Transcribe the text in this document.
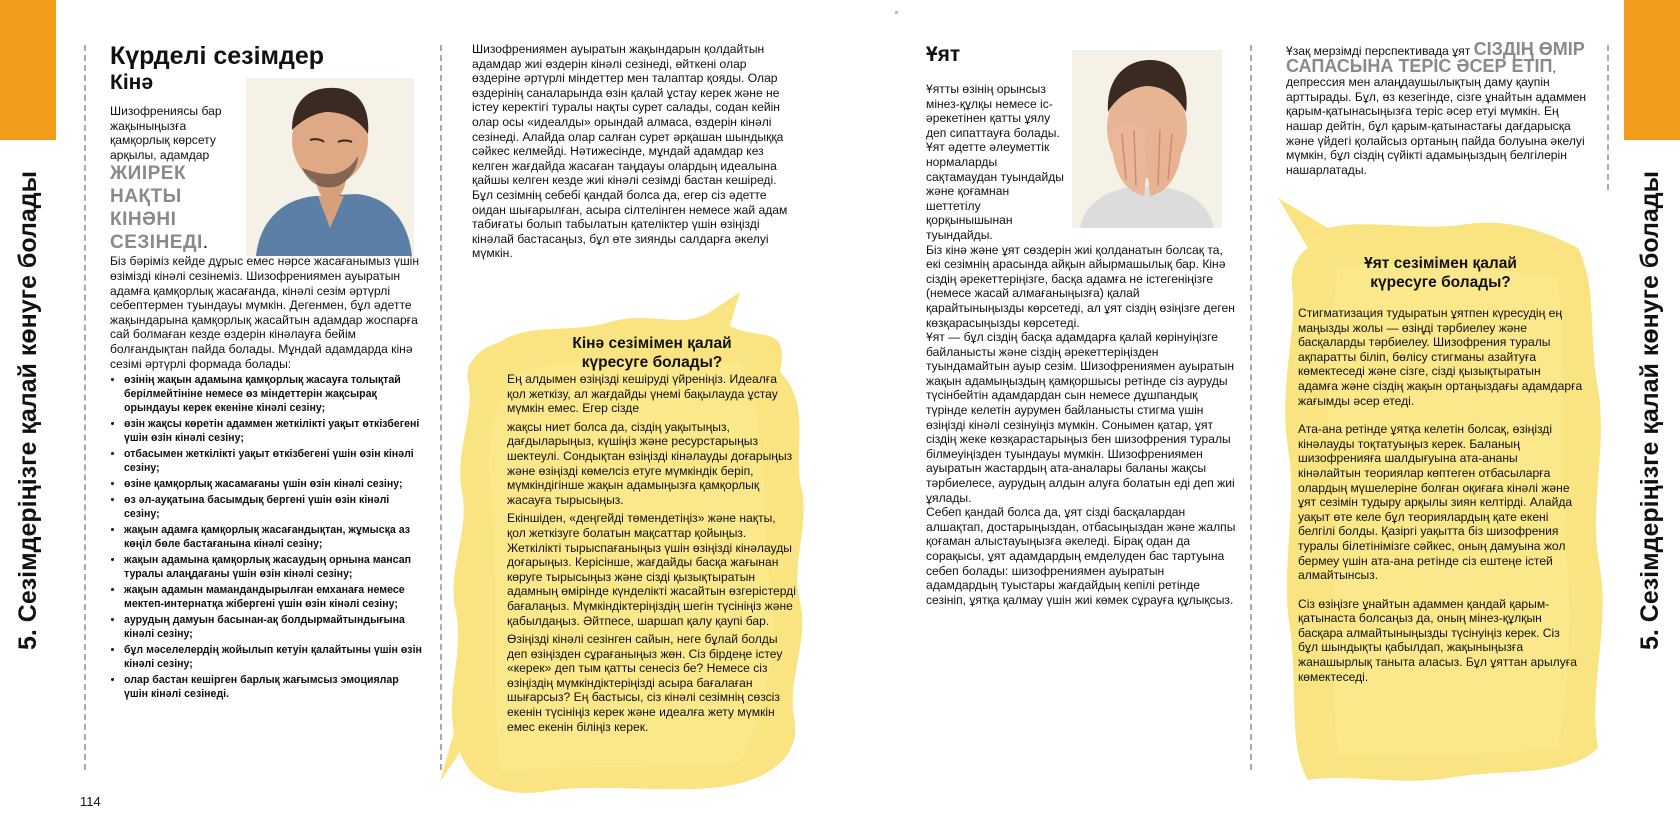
5. Сезімдеріңізге қалай көнуге болады	5. Сезімдеріңізге қалай көнуге болады
Күрделі сезімдер
Кінә

Шизофренияcы бар жақыныңызға қамқорлық көрсету арқылы, адамдар

ЖИІРЕК
НАҚТЫ
КІНӘНІ
СЕЗІНЕДІ.

Біз бәріміз кейде дұрыс емес нәрсе жасағанымыз үшін өзімізді кінәлі сезінеміз. Шизофрениямен ауыратын адамға қамқорлық жасағанда, кінәлі сезім әртүрлі себептермен туындауы мүмкін. Дегенмен, бұл әдетте жақындарына қамқорлық жасайтын адамдар жоспарға сай болмаған кезде өздерін кінәлауға бейім болғандықтан пайда болады. Мұндай адамдарда кінә сезімі әртүрлі формада болады:

• өзінің жақын адамына қамқорлық жасауға толықтай берілмейтініне немесе өз міндеттерін жақсырақ орындауы керек екеніне кінәлі сезіну;
• өзін жақсы көретін адаммен жеткілікті уақыт өткізбегені үшін өзін кінәлі сезіну;
• отбасымен жеткілікті уақыт өткізбегені үшін өзін кінәлі сезіну;
• өзіне қамқорлық жасамағаны үшін өзін кінәлі сезіну;
• өз әл-ауқатына басымдық бергені үшін өзін кінәлі сезіну;
• жақын адамға қамқорлық жасағандықтан, жұмысқа аз көңіл бөле бастағанына кінәлі сезіну;
• жақын адамына қамқорлық жасаудың орнына мансап туралы алаңдағаны үшін өзін кінәлі сезіну;
• жақын адамын мамандандырылған емханаға немесе мектеп-интернатқа жібергені үшін өзін кінәлі сезіну;
• аурудың дамуын басынан-ақ болдырмайтындығына кінәлі сезіну;
• бұл мәселелердің жойылып кетуін қалайтыны үшін өзін кінәлі сезіну;
• олар бастан кешірген барлық жағымсыз эмоциялар үшін кінәлі сезінеді.

Шизофрениямен ауыратын жақындарын қолдайтын адамдар жиі өздерін кінәлі сезінеді, өйткені олар өздеріне әртүрлі міндеттер мен талаптар қояды. Олар өздерінің саналарында өзін қалай ұстау керек және не істеу керектігі туралы нақты сурет салады, содан кейін олар осы «идеалды» орындай алмаса, өздерін кінәлі сезінеді. Алайда олар салған сурет әрқашан шындыққа сәйкес келмейді. Нәтижесінде, мұндай адамдар кез келген жағдайда жасаған таңдауы олардың идеалына қайшы келген кезде жиі кінәлі сезімді бастан кешіреді. Бұл сезімнің себебі қандай болса да, егер сіз әдетте оидан шығарылған, асыра сілтелінген немесе жай адам табиғаты болып табылатын қателіктер үшін өзіңізді кінәлай бастасаңыз, бұл өте зиянды салдарға әкелуі мүмкін.

Кінә сезімімен қалай
күресуге болады?

Ең алдымен өзіңізді кешіруді үйреніңіз. Идеалға қол жеткізу, ал жағдайды үнемі бақылауда ұстау мүмкін емес. Егер сізде

жақсы ниет болса да, сіздің уақытыңыз, дағдыларыңыз, күшіңіз және ресурстарыңыз шектеулі. Сондықтан өзіңізді кінәлауды доғарыңыз және өзіңізді көмелсіз етуге мүмкіндік беріп, мүмкіндігінше жақын адамыңызға қамқорлық жасауға тырысыңыз.

Екіншіден, «деңгейді төмендетіңіз» және нақты, қол жеткізуге болатын мақсаттар қойыңыз. Жеткілікті тырыспағаныңыз үшін өзіңізді кінәлауды доғарыңыз. Керісінше, жағдайды басқа жағынан көруге тырысыңыз және сізді қызықтыратын адамның өмірінде күнделікті жасайтын өзгерістерді бағалаңыз. Мүмкіндіктеріңіздің шегін түсініңіз және қабылдаңыз. Әйтпесе, шаршап қалу қаупі бар.

Өзіңізді кінәлі сезінген сайын, неге бұлай болды деп өзіңізден сұрағаныңыз жөн. Сіз бірдеңе істеу «керек» деп тым қатты сенесіз бе? Немесе сіз өзіңіздің мүмкіндіктеріңізді асыра бағалаған шығарсыз? Ең бастысы, сіз кінәлі сезімнің сөзсіз екенін түсініңіз керек және идеалға жету мүмкін емес екенін біліңіз керек.

114
Ұят

Ұятты өзінің орынсыз мінез-құлқы немесе іс-әрекетінен қатты ұялу деп сипаттауға болады. Ұят әдетте әлеуметтік нормаларды сақтамаудан туындайды және қоғамнан шеттетілу қорқынышынан туындайды.

Біз кінә және ұят сөздерін жиі қолданатын болсақ та, екі сезімнің арасында айқын айырмашылық бар. Кінә сіздің әрекеттеріңізге, басқа адамға не істегеніңізге (немесе жасай алмағаныңызға) қалай қарайтыныңызды көрсетеді, ал ұят сіздің өзіңізге деген көзқарасыңызды көрсетеді.
Ұят — бұл сіздің басқа адамдарға қалай көрінуіңізге байланысты және сіздің әрекеттеріңізден туындамайтын ауыр сезім. Шизофрениямен ауыратын жақын адамыңыздың қамқоршысы ретінде сіз ауруды түсінбейтін адамдардан сын немесе дұшпандық түрінде келетін аурумен байланысты стигма үшін өзіңізді кінәлі сезінуіңіз мүмкін. Сонымен қатар, ұят сіздің жеке көзқарастарыңыз бен шизофрения туралы білмеуіңізден туындауы мүмкін. Шизофрениямен ауыратын жастардың ата-аналары баланы жақсы тәрбиелесе, аурудың алдын алуға болатын еді деп жиі ұялады.
Себеп қандай болса да, ұят сізді басқалардан алшақтап, достарыңыздан, отбасыңыздан және жалпы қоғаман алыстауыңызға әкеледі. Бірақ одан да сорақысы, ұят адамдардың емделуден бас тартуына себеп болады: шизофрениямен ауыратын адамдардың туыстары жағдайдың кепілі ретінде сезініп, ұятқа қалмау үшін жиі көмек сұрауға құлықсыз.

Ұзақ мерзімді перспективада ұят СІЗДІҢ ӨМІР САПАСЫНА ТЕРІС ӘСЕР ЕТІП, депрессия мен алаңдаушылықтың даму қаупін арттырады. Бұл, өз кезегінде, сізге ұнайтын адаммен қарым-қатынасыңызға теріс әсер етуі мүмкін. Ең нашар дейтін, бұл қарым-қатынастағы дағдарысқа және үйдегі қолайсыз ортаның пайда болуына әкелуі мүмкін, бұл сіздің сүйікті адамыңыздың белгілерін нашарлатады.

Ұят сезімімен қалай
күресуге болады?

Стигматизация тудыратын ұятпен күресудің ең маңызды жолы — өзіңді тәрбиелеу және басқаларды тәрбиелеу. Шизофрения туралы ақпаратты біліп, бөлісу стигманы азайтуға көмектеседі және сізге, сізді қызықтыратын адамға және сіздің жақын ортаңыздағы адамдарға жағымды әсер етеді.

Ата-ана ретінде ұятқа келетін болсақ, өзіңізді кінәлауды тоқтатуыңыз керек. Баланың шизофренияға шалдығуына ата-ананы кінәлайтын теориялар көптеген отбасыларға олардың мүшелеріне болған оқиғаға кінәлі және ұят сезімін тудыру арқылы зиян келтірді. Алайда уақыт өте келе бұл теориялардың қате екені белгілі болды. Қазіргі уақытта біз шизофрения туралы білетінімізге сәйкес, оның дамуына жол бермеу үшін ата-ана ретінде сіз ештеңе істей алмайтынсыз.

Сіз өзіңізге ұнайтын адаммен қандай қарым-қатынаста болсаңыз да, оның мінез-құлқын басқара алмайтыныңызды түсінуіңіз керек. Сіз бұл шындықты қабылдап, жақыныңызға жанашырлық таныта аласыз. Бұл ұяттан арылуға көмектеседі.
